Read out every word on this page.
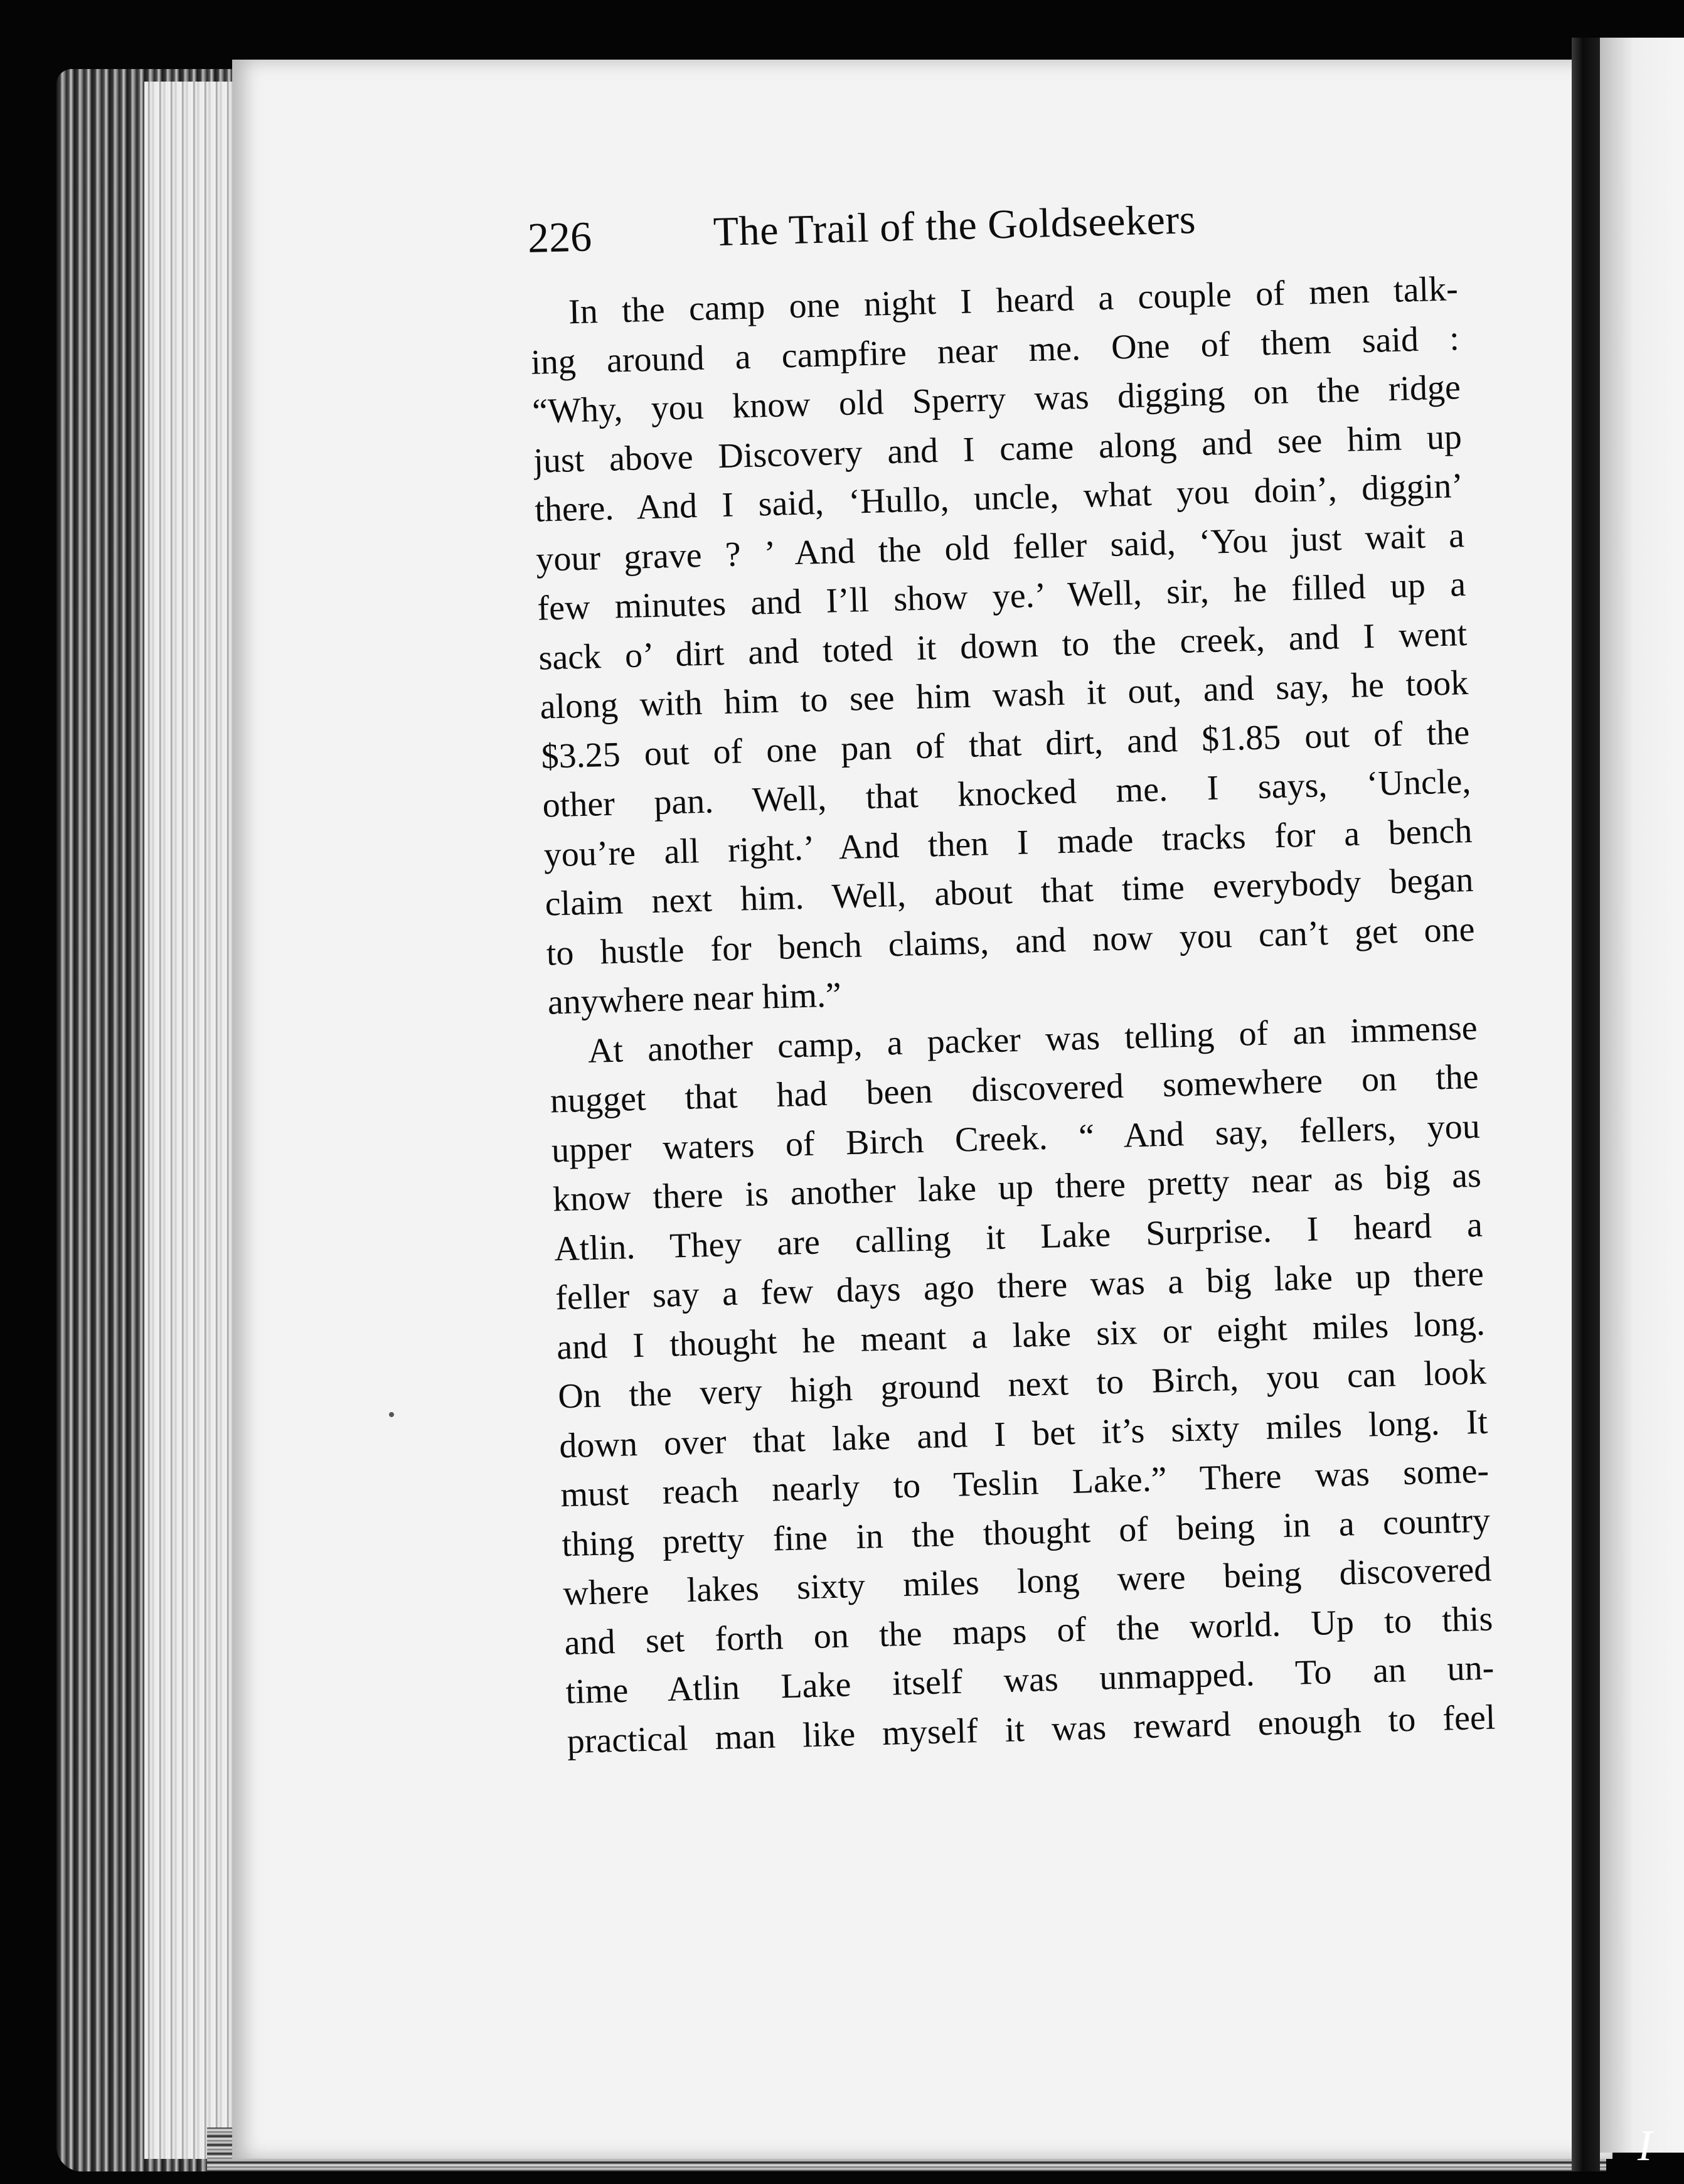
I
226	The Trail of the Goldseekers
In the camp one night I heard a couple of men talk-
ing around a campfire near me. One of them said :
“Why, you know old Sperry was digging on the ridge
just above Discovery and I came along and see him up
there. And I said, ‘Hullo, uncle, what you doin’, diggin’
your grave ? ’ And the old feller said, ‘You just wait a
few minutes and I’ll show ye.’ Well, sir, he filled up a
sack o’ dirt and toted it down to the creek, and I went
along with him to see him wash it out, and say, he took
$3.25 out of one pan of that dirt, and $1.85 out of the
other pan. Well, that knocked me. I says, ‘Uncle,
you’re all right.’ And then I made tracks for a bench
claim next him. Well, about that time everybody began
to hustle for bench claims, and now you can’t get one
anywhere near him.”
At another camp, a packer was telling of an immense
nugget that had been discovered somewhere on the
upper waters of Birch Creek. “ And say, fellers, you
know there is another lake up there pretty near as big as
Atlin. They are calling it Lake Surprise. I heard a
feller say a few days ago there was a big lake up there
and I thought he meant a lake six or eight miles long.
On the very high ground next to Birch, you can look
down over that lake and I bet it’s sixty miles long. It
must reach nearly to Teslin Lake.” There was some-
thing pretty fine in the thought of being in a country
where lakes sixty miles long were being discovered
and set forth on the maps of the world. Up to this
time Atlin Lake itself was unmapped. To an un-
practical man like myself it was reward enough to feel
